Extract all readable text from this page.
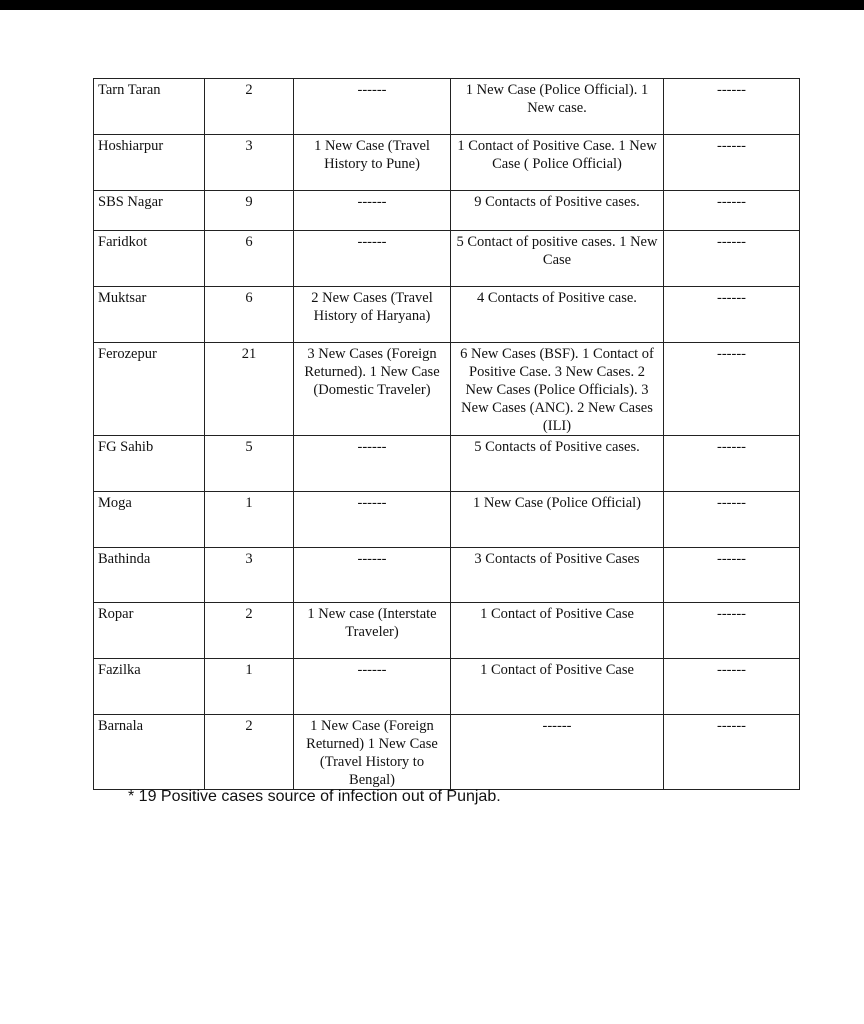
Tarn Taran	2	------	1 New Case (Police Official). 1 New case.	------
Hoshiarpur	3	1 New Case (Travel History to Pune)	1 Contact of Positive Case. 1 New Case ( Police Official)	------
SBS Nagar	9	------	9 Contacts of Positive cases.	------
Faridkot	6	------	5 Contact of positive cases. 1 New Case	------
Muktsar	6	2 New Cases (Travel History of Haryana)	4 Contacts of Positive case.	------
Ferozepur	21	3 New Cases (Foreign Returned). 1 New Case (Domestic Traveler)	6 New Cases (BSF). 1 Contact of Positive Case. 3 New Cases. 2 New Cases (Police Officials). 3 New Cases (ANC). 2 New Cases (ILI)	------
FG Sahib	5	------	5 Contacts of Positive cases.	------
Moga	1	------	1 New Case (Police Official)	------
Bathinda	3	------	3 Contacts of Positive Cases	------
Ropar	2	1 New case (Interstate Traveler)	1 Contact of Positive Case	------
Fazilka	1	------	1 Contact of Positive Case	------
Barnala	2	1 New Case (Foreign Returned) 1 New Case (Travel History to Bengal)	------	------
* 19 Positive cases source of infection out of Punjab.
